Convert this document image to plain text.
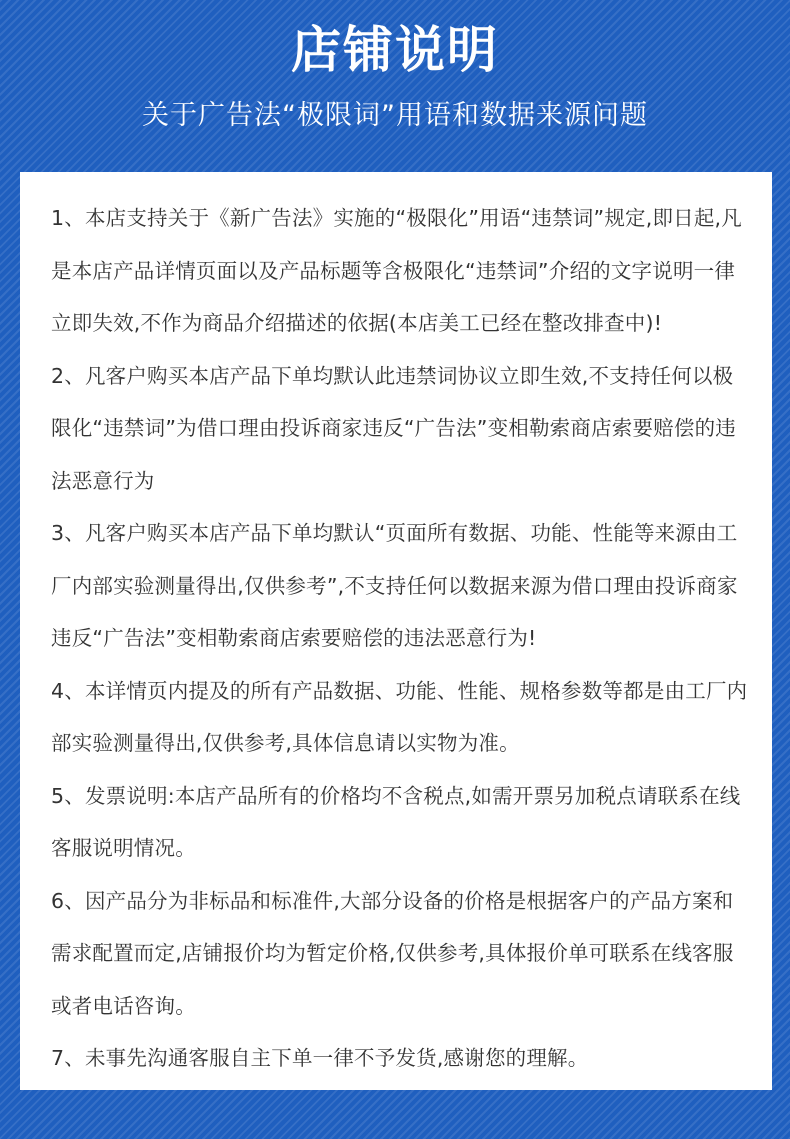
店铺说明

关于广告法“极限词”用语和数据来源问题

1、本店支持关于《新广告法》实施的“极限化”用语“违禁词”规定,即日起,凡是本店产品详情页面以及产品标题等含极限化“违禁词”介绍的文字说明一律立即失效,不作为商品介绍描述的依据(本店美工已经在整改排查中)!

2、凡客户购买本店产品下单均默认此违禁词协议立即生效,不支持任何以极限化“违禁词”为借口理由投诉商家违反“广告法”变相勒索商店索要赔偿的违法恶意行为

3、凡客户购买本店产品下单均默认“页面所有数据、功能、性能等来源由工厂内部实验测量得出,仅供参考”,不支持任何以数据来源为借口理由投诉商家违反“广告法”变相勒索商店索要赔偿的违法恶意行为!

4、本详情页内提及的所有产品数据、功能、性能、规格参数等都是由工厂内部实验测量得出,仅供参考,具体信息请以实物为准。

5、发票说明:本店产品所有的价格均不含税点,如需开票另加税点请联系在线客服说明情况。

6、因产品分为非标品和标准件,大部分设备的价格是根据客户的产品方案和需求配置而定,店铺报价均为暂定价格,仅供参考,具体报价单可联系在线客服或者电话咨询。

7、未事先沟通客服自主下单一律不予发货,感谢您的理解。
